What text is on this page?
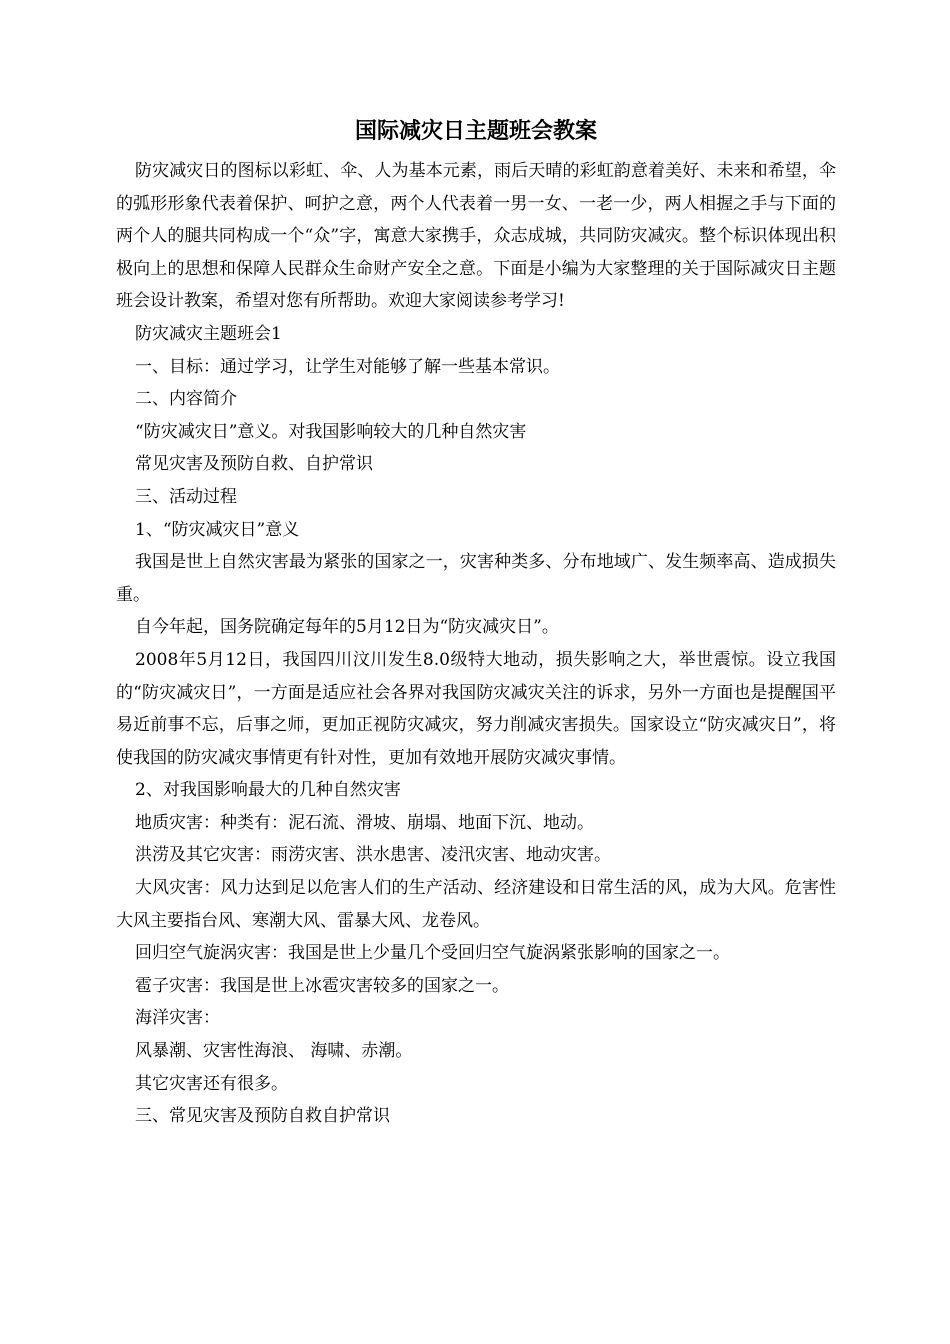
国际减灾日主题班会教案

防灾减灾日的图标以彩虹、伞、人为基本元素，雨后天晴的彩虹韵意着美好、未来和希望，伞的弧形形象代表着保护、呵护之意，两个人代表着一男一女、一老一少，两人相握之手与下面的两个人的腿共同构成一个“众”字，寓意大家携手，众志成城，共同防灾减灾。整个标识体现出积极向上的思想和保障人民群众生命财产安全之意。下面是小编为大家整理的关于国际减灾日主题班会设计教案，希望对您有所帮助。欢迎大家阅读参考学习!

防灾减灾主题班会1

一、目标：通过学习，让学生对能够了解一些基本常识。

二、内容简介

“防灾减灾日”意义。对我国影响较大的几种自然灾害

常见灾害及预防自救、自护常识

三、活动过程

1、“防灾减灾日”意义

我国是世上自然灾害最为紧张的国家之一，灾害种类多、分布地域广、发生频率高、造成损失重。

自今年起，国务院确定每年的5月12日为“防灾减灾日”。

2008年5月12日，我国四川汶川发生8.0级特大地动，损失影响之大，举世震惊。设立我国的“防灾减灾日”，一方面是适应社会各界对我国防灾减灾关注的诉求，另外一方面也是提醒国平易近前事不忘，后事之师，更加正视防灾减灾，努力削减灾害损失。国家设立“防灾减灾日”，将使我国的防灾减灾事情更有针对性，更加有效地开展防灾减灾事情。

2、对我国影响最大的几种自然灾害

地质灾害：种类有：泥石流、滑坡、崩塌、地面下沉、地动。

洪涝及其它灾害：雨涝灾害、洪水患害、凌汛灾害、地动灾害。

大风灾害：风力达到足以危害人们的生产活动、经济建设和日常生活的风，成为大风。危害性大风主要指台风、寒潮大风、雷暴大风、龙卷风。

回归空气旋涡灾害：我国是世上少量几个受回归空气旋涡紧张影响的国家之一。

雹子灾害：我国是世上冰雹灾害较多的国家之一。

海洋灾害：

风暴潮、灾害性海浪、 海啸、赤潮。

其它灾害还有很多。

三、常见灾害及预防自救自护常识
